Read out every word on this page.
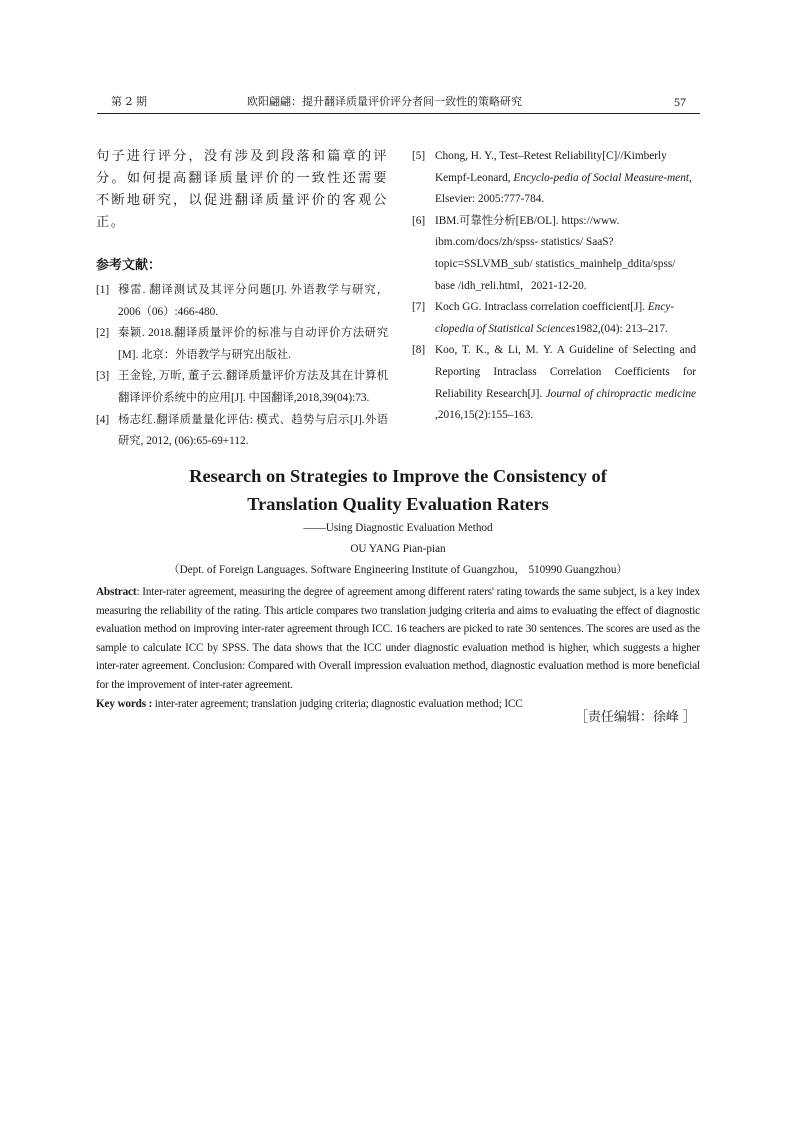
第 2 期	欧阳翩翩：提升翻译质量评价评分者间一致性的策略研究	57

句子进行评分，没有涉及到段落和篇章的评分。如何提高翻译质量评价的一致性还需要不断地研究，以促进翻译质量评价的客观公正。

参考文献：
[1] 穆雷. 翻译测试及其评分问题[J]. 外语教学与研究，2006（06）:466-480.
[2] 秦颖. 2018.翻译质量评价的标准与自动评价方法研究[M]. 北京：外语教学与研究出版社.
[3] 王金铨, 万昕, 董子云.翻译质量评价方法及其在计算机翻译评价系统中的应用[J]. 中国翻译,2018,39(04):73.
[4] 杨志红.翻译质量量化评估: 模式、趋势与启示[J].外语研究, 2012, (06):65-69+112.
[5] Chong, H. Y., Test–Retest Reliability[C]//Kimberly Kempf-Leonard, Encyclo-pedia of Social Measure-ment, Elsevier: 2005:777-784.
[6] IBM.可靠性分析[EB/OL]. https://www. ibm.com/docs/zh/spss- statistics/ SaaS? topic=SSLVMB_sub/ statistics_mainhelp_ddita/spss/ base /idh_reli.html，2021-12-20.
[7] Koch GG. Intraclass correlation coefficient[J]. Ency-clopedia of Statistical Sciences1982,(04): 213–217.
[8] Koo, T. K., & Li, M. Y. A Guideline of Selecting and Reporting Intraclass Correlation Coefficients for Reliability Research[J]. Journal of chiropractic medicine ,2016,15(2):155–163.
Research on Strategies to Improve the Consistency of
Translation Quality Evaluation Raters
——Using Diagnostic Evaluation Method
OU YANG Pian-pian
（Dept. of Foreign Languages. Software Engineering Institute of Guangzhou， 510990 Guangzhou）

Abstract: Inter-rater agreement, measuring the degree of agreement among different raters' rating towards the same subject, is a key index measuring the reliability of the rating. This article compares two translation judging criteria and aims to evaluating the effect of diagnostic evaluation method on improving inter-rater agreement through ICC. 16 teachers are picked to rate 30 sentences. The scores are used as the sample to calculate ICC by SPSS. The data shows that the ICC under diagnostic evaluation method is higher, which suggests a higher inter-rater agreement. Conclusion: Compared with Overall impression evaluation method, diagnostic evaluation method is more beneficial for the improvement of inter-rater agreement.

Key words : inter-rater agreement; translation judging criteria; diagnostic evaluation method; ICC

［责任编辑：徐峰 ］
